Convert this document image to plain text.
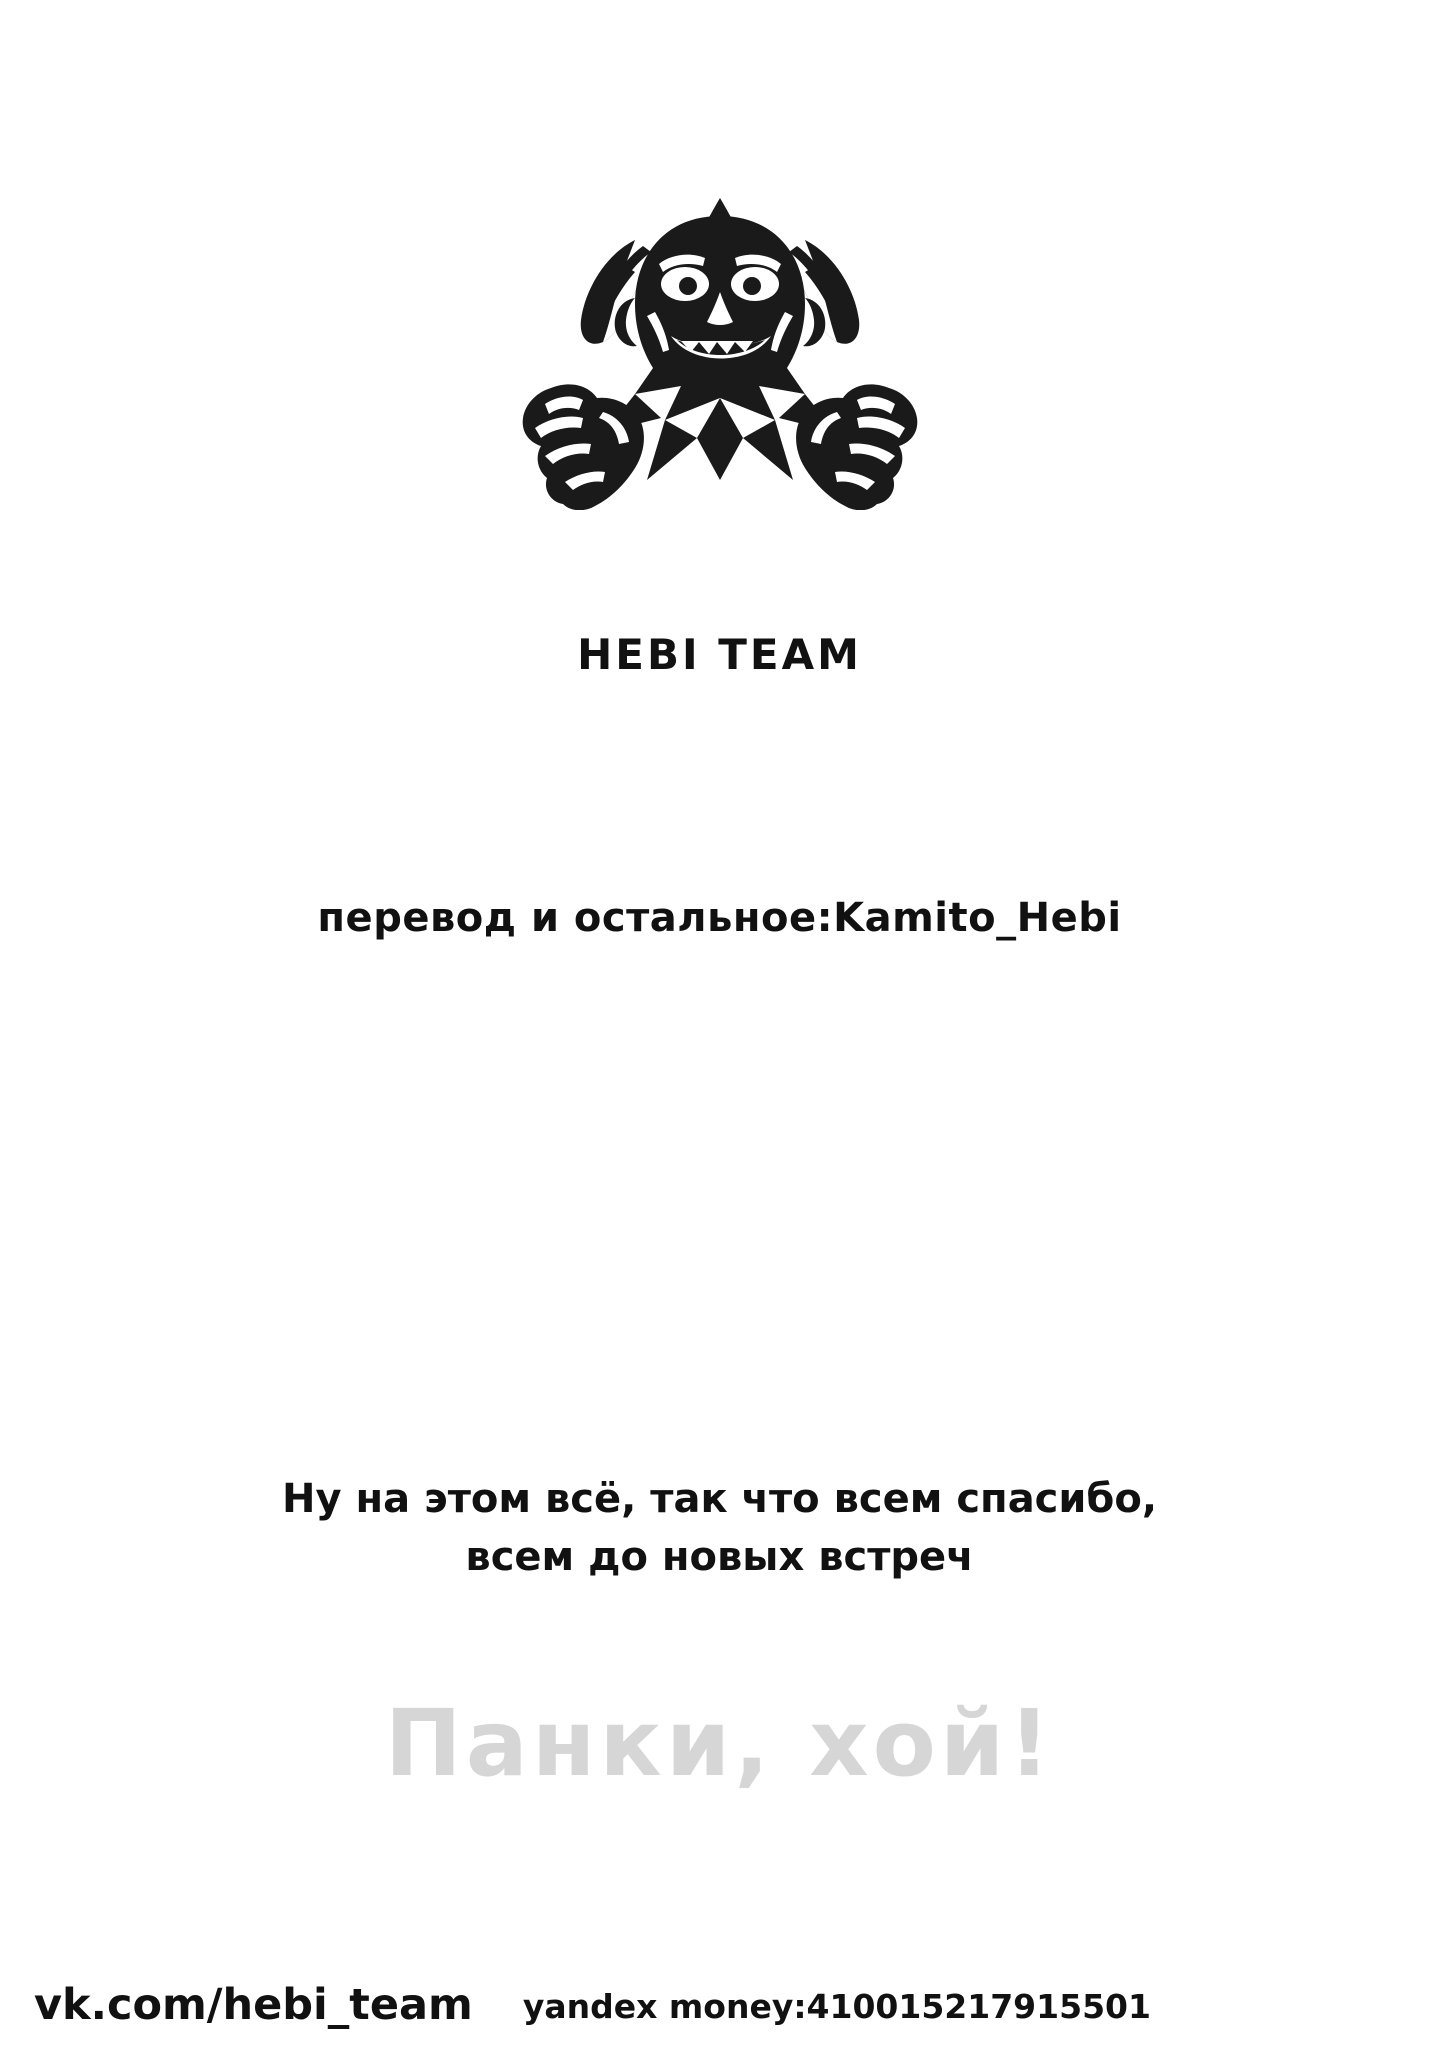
HEBI TEAM
перевод и остальное:Kamito_Hebi
Ну на этом всё, так что всем спасибо,
всем до новых встреч
Панки, хой!
vk.com/hebi_team yandex money:410015217915501
